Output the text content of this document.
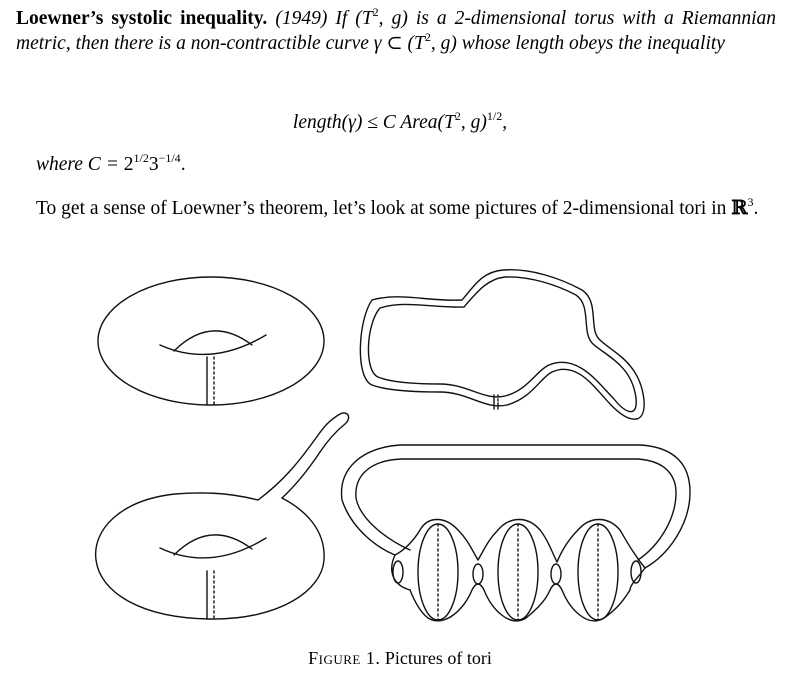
Loewner’s systolic inequality. (1949) If ($T^2$, g) is a 2-dimensional torus with a Riemannian metric, then there is a non-contractible curve γ ⊂ ($T^2$, g) whose length obeys the inequality
length(γ) ≤ C $Area(T^2$, g)$^{1/2}$,
where $C = 2^{1/2}3^{-1/4}$.
To get a sense of Loewner’s theorem, let’s look at some pictures of 2-dimensional tori in ℝ$^3$.
Figure 1. Pictures of tori
